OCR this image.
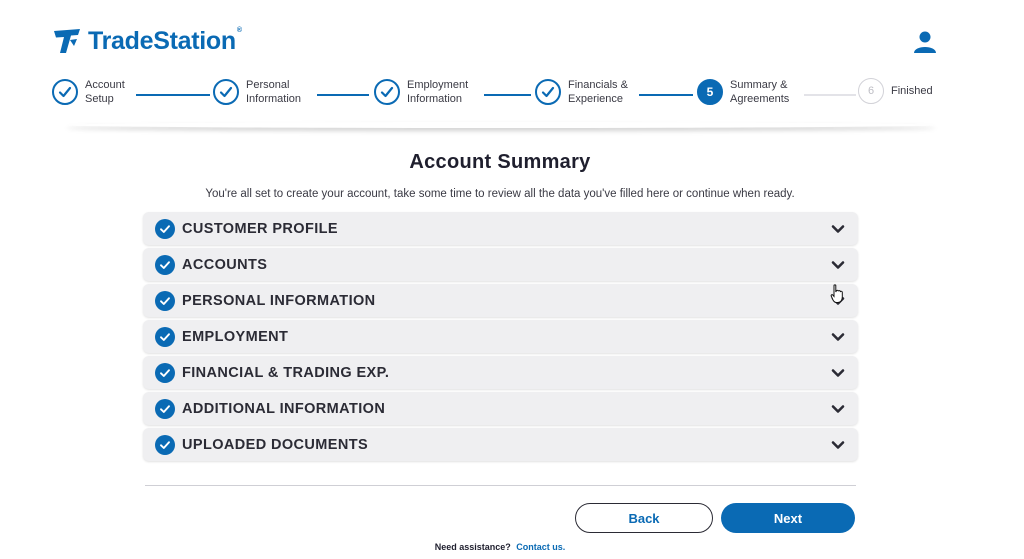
TradeStation®
Account
Setup
Personal
Information
Employment
Information
Financials &
Experience	5	Summary &
Agreements
6	Finished
Account Summary

You're all set to create your account, take some time to review all the data you've filled here or continue when ready.

CUSTOMER PROFILE
ACCOUNTS
PERSONAL INFORMATION
EMPLOYMENT
FINANCIAL & TRADING EXP.
ADDITIONAL INFORMATION
UPLOADED DOCUMENTS
Back	Next
Need assistance? Contact us.
